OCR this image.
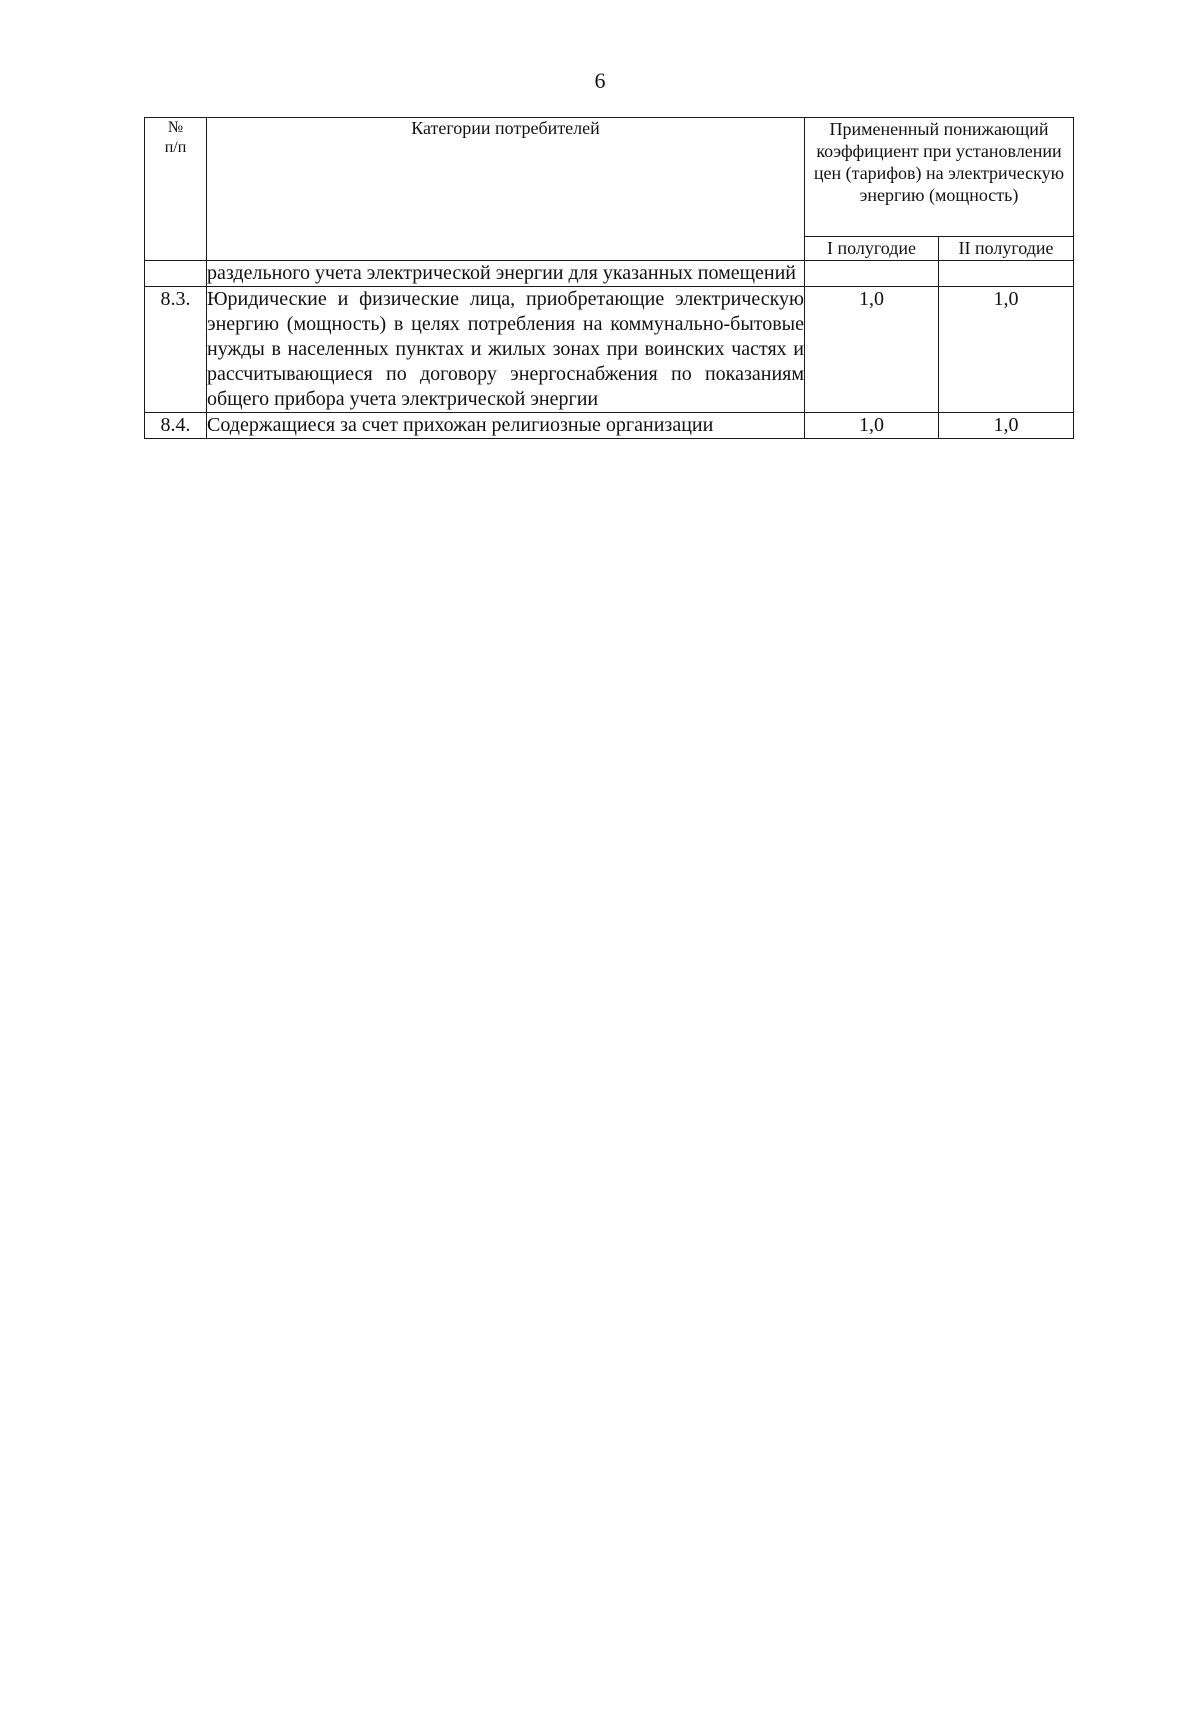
6
№
п/п	Категории потребителей	Примененный понижающий коэффициент при установлении цен (тарифов) на электрическую энергию (мощность)	
		I полугодие	II полугодие
	раздельного учета электрической энергии для указанных помещений		
8.3.	Юридические и физические лица, приобретающие электрическую энергию (мощность) в целях потребления на коммунально-бытовые нужды в населенных пунктах и жилых зонах при воинских частях и рассчитывающиеся по договору энергоснабжения по показаниям общего прибора учета электрической энергии	1,0	1,0
8.4.	Содержащиеся за счет прихожан религиозные организации	1,0	1,0
